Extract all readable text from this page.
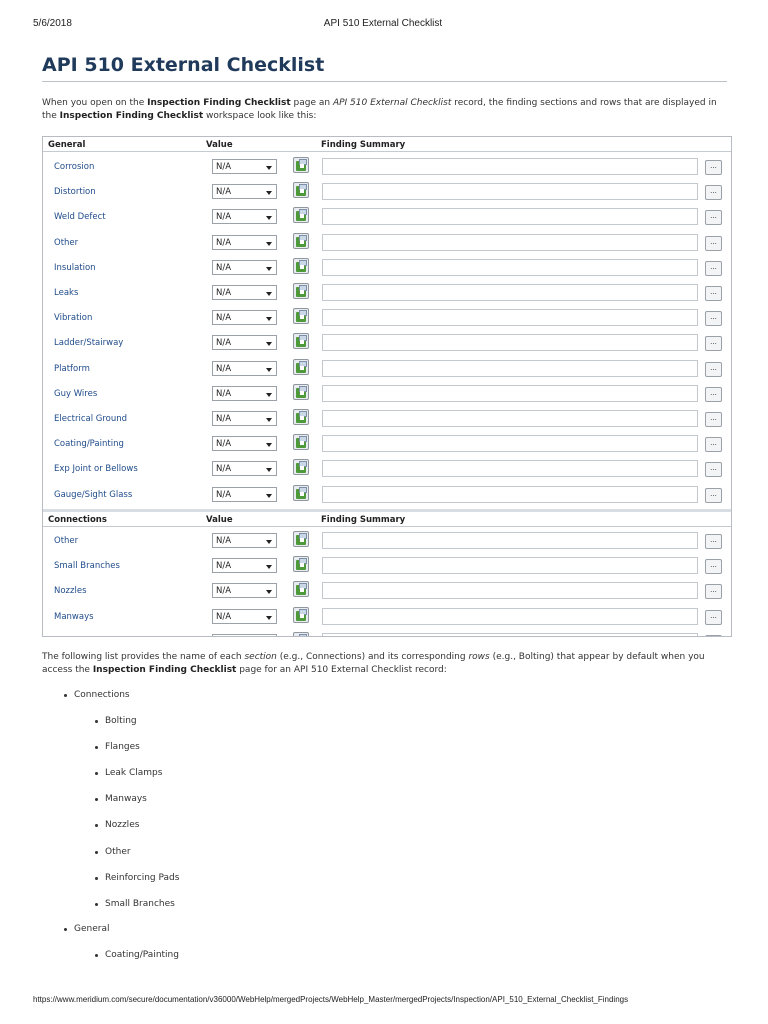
5/6/2018	API 510 External Checklist
API 510 External Checklist

When you open on the Inspection Finding Checklist page an API 510 External Checklist record, the finding sections and rows that are displayed in the Inspection Finding Checklist workspace look like this:

General	Value	Finding Summary
Corrosion	N/A	...
Distortion	N/A	...
Weld Defect	N/A	...
Other	N/A	...
Insulation	N/A	...
Leaks	N/A	...
Vibration	N/A	...
Ladder/Stairway	N/A	...
Platform	N/A	...
Guy Wires	N/A	...
Electrical Ground	N/A	...
Coating/Painting	N/A	...
Exp Joint or Bellows	N/A	...
Gauge/Sight Glass	N/A	...
Connections	Value	Finding Summary
Other	N/A	...
Small Branches	N/A	...
Nozzles	N/A	...
Manways	N/A	...

The following list provides the name of each section (e.g., Connections) and its corresponding rows (e.g., Bolting) that appear by default when you access the Inspection Finding Checklist page for an API 510 External Checklist record:

Connections
Bolting
Flanges
Leak Clamps
Manways
Nozzles
Other
Reinforcing Pads
Small Branches
General
Coating/Painting
https://www.meridium.com/secure/documentation/v36000/WebHelp/mergedProjects/WebHelp_Master/mergedProjects/Inspection/API_510_External_Checklist_Findings
